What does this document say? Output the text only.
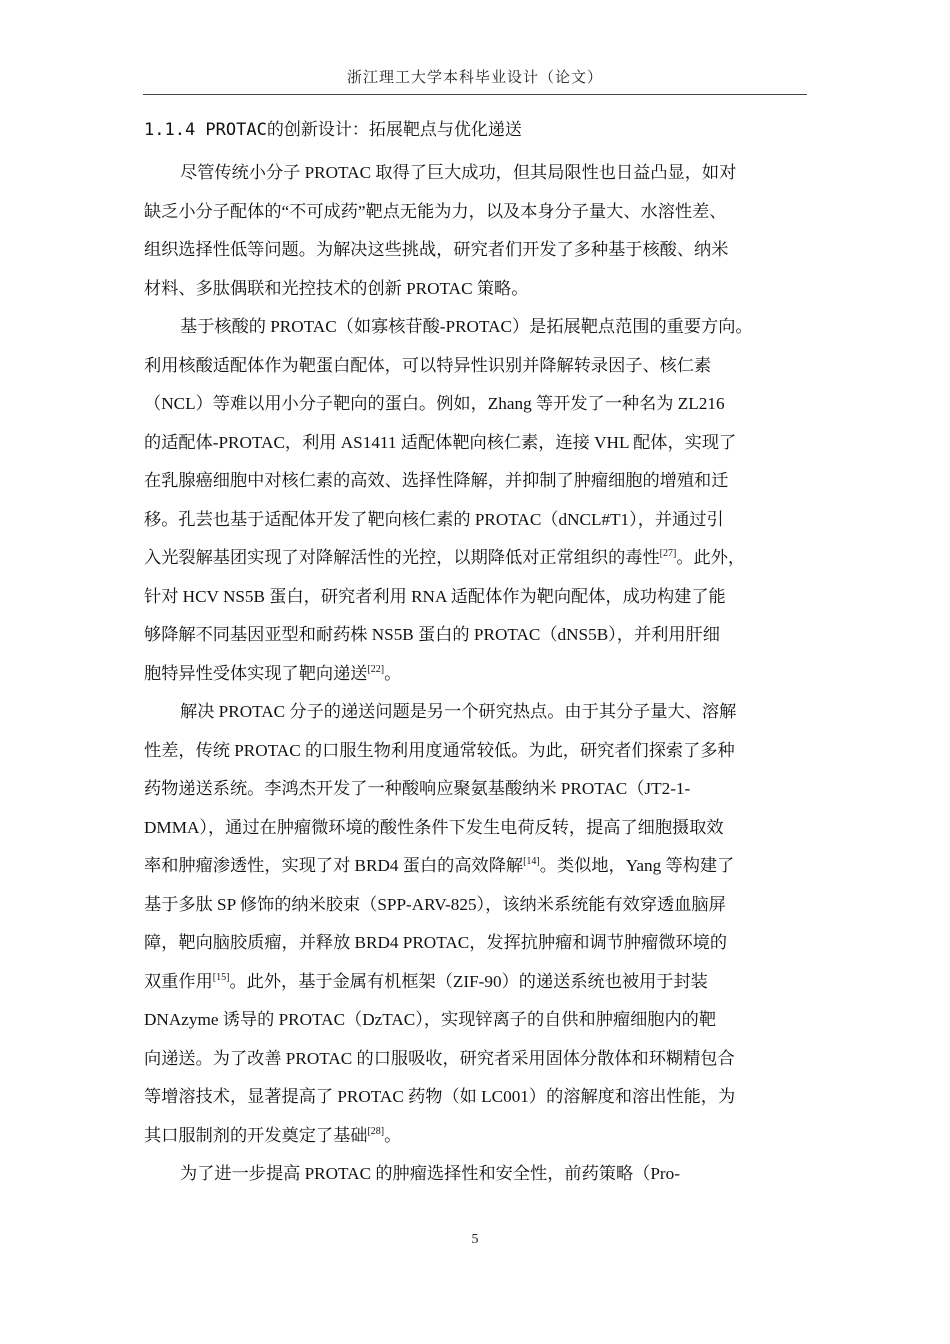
浙江理工大学本科毕业设计（论文）
1.1.4 PROTAC的创新设计：拓展靶点与优化递送
尽管传统小分子 PROTAC 取得了巨大成功，但其局限性也日益凸显，如对
缺乏小分子配体的“不可成药”靶点无能为力，以及本身分子量大、水溶性差、
组织选择性低等问题。为解决这些挑战，研究者们开发了多种基于核酸、纳米
材料、多肽偶联和光控技术的创新 PROTAC 策略。
基于核酸的 PROTAC（如寡核苷酸-PROTAC）是拓展靶点范围的重要方向。
利用核酸适配体作为靶蛋白配体，可以特异性识别并降解转录因子、核仁素
（NCL）等难以用小分子靶向的蛋白。例如，Zhang 等开发了一种名为 ZL216
的适配体-PROTAC，利用 AS1411 适配体靶向核仁素，连接 VHL 配体，实现了
在乳腺癌细胞中对核仁素的高效、选择性降解，并抑制了肿瘤细胞的增殖和迁
移。孔芸也基于适配体开发了靶向核仁素的 PROTAC（dNCL#T1），并通过引
入光裂解基团实现了对降解活性的光控，以期降低对正常组织的毒性[27]。此外，
针对 HCV NS5B 蛋白，研究者利用 RNA 适配体作为靶向配体，成功构建了能
够降解不同基因亚型和耐药株 NS5B 蛋白的 PROTAC（dNS5B），并利用肝细
胞特异性受体实现了靶向递送[22]。
解决 PROTAC 分子的递送问题是另一个研究热点。由于其分子量大、溶解
性差，传统 PROTAC 的口服生物利用度通常较低。为此，研究者们探索了多种
药物递送系统。李鸿杰开发了一种酸响应聚氨基酸纳米 PROTAC（JT2-1-
DMMA），通过在肿瘤微环境的酸性条件下发生电荷反转，提高了细胞摄取效
率和肿瘤渗透性，实现了对 BRD4 蛋白的高效降解[14]。类似地，Yang 等构建了
基于多肽 SP 修饰的纳米胶束（SPP-ARV-825），该纳米系统能有效穿透血脑屏
障，靶向脑胶质瘤，并释放 BRD4 PROTAC，发挥抗肿瘤和调节肿瘤微环境的
双重作用[15]。此外，基于金属有机框架（ZIF-90）的递送系统也被用于封装
DNAzyme 诱导的 PROTAC（DzTAC），实现锌离子的自供和肿瘤细胞内的靶
向递送。为了改善 PROTAC 的口服吸收，研究者采用固体分散体和环糊精包合
等增溶技术，显著提高了 PROTAC 药物（如 LC001）的溶解度和溶出性能，为
其口服制剂的开发奠定了基础[28]。
为了进一步提高 PROTAC 的肿瘤选择性和安全性，前药策略（Pro-
5
